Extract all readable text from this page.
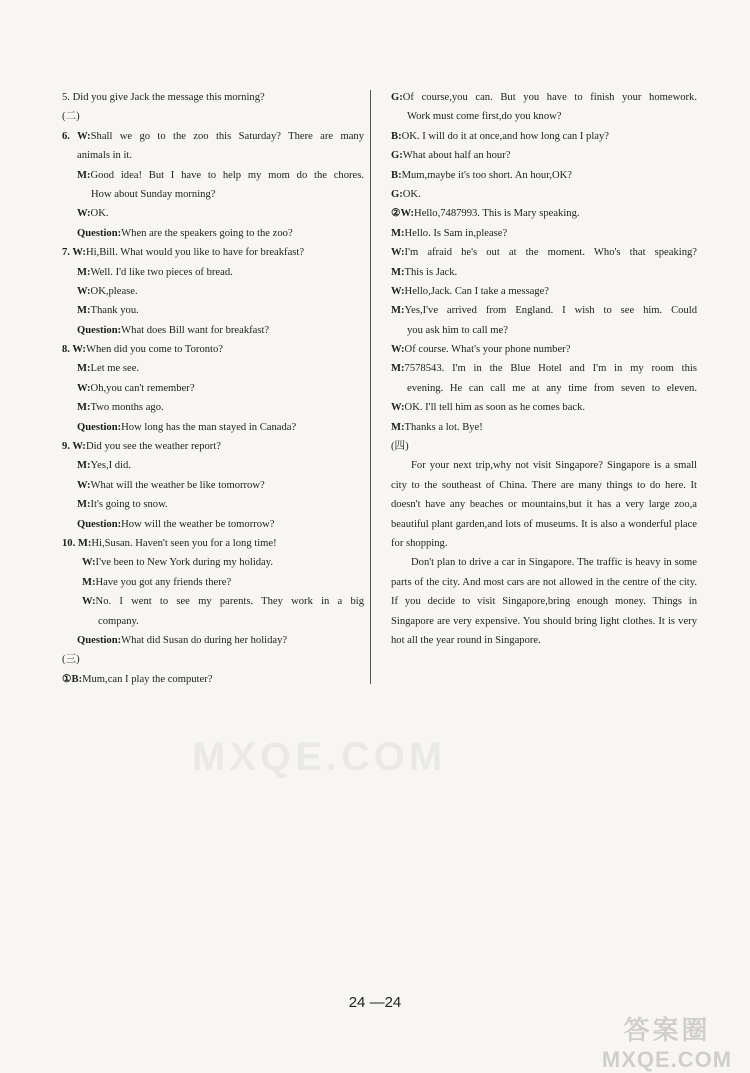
5. Did you give Jack the message this morning?
(二)
6. W:Shall we go to the zoo this Saturday? There are many
animals in it.
M:Good idea! But I have to help my mom do the chores.
How about Sunday morning?
W:OK.
Question:When are the speakers going to the zoo?
7. W:Hi,Bill. What would you like to have for breakfast?
M:Well. I'd like two pieces of bread.
W:OK,please.
M:Thank you.
Question:What does Bill want for breakfast?
8. W:When did you come to Toronto?
M:Let me see.
W:Oh,you can't remember?
M:Two months ago.
Question:How long has the man stayed in Canada?
9. W:Did you see the weather report?
M:Yes,I did.
W:What will the weather be like tomorrow?
M:It's going to snow.
Question:How will the weather be tomorrow?
10. M:Hi,Susan. Haven't seen you for a long time!
W:I've been to New York during my holiday.
M:Have you got any friends there?
W:No. I went to see my parents. They work in a big
company.
Question:What did Susan do during her holiday?
(三)
①B:Mum,can I play the computer?
G:Of course,you can. But you have to finish your homework.
Work must come first,do you know?
B:OK. I will do it at once,and how long can I play?
G:What about half an hour?
B:Mum,maybe it's too short. An hour,OK?
G:OK.
②W:Hello,7487993. This is Mary speaking.
M:Hello. Is Sam in,please?
W:I'm afraid he's out at the moment. Who's that speaking?
M:This is Jack.
W:Hello,Jack. Can I take a message?
M:Yes,I've arrived from England. I wish to see him. Could
you ask him to call me?
W:Of course. What's your phone number?
M:7578543. I'm in the Blue Hotel and I'm in my room this
evening. He can call me at any time from seven to eleven.
W:OK. I'll tell him as soon as he comes back.
M:Thanks a lot. Bye!
(四)
For your next trip,why not visit Singapore? Singapore is a small city to the southeast of China. There are many things to do here. It doesn't have any beaches or mountains,but it has a very large zoo,a beautiful plant garden,and lots of museums. It is also a wonderful place for shopping.
Don't plan to drive a car in Singapore. The traffic is heavy in some parts of the city. And most cars are not allowed in the centre of the city. If you decide to visit Singapore,bring enough money. Things in Singapore are very expensive. You should bring light clothes. It is very hot all the year round in Singapore.
24 —24
MXQE.COM
答案圈
MXQE.COM
